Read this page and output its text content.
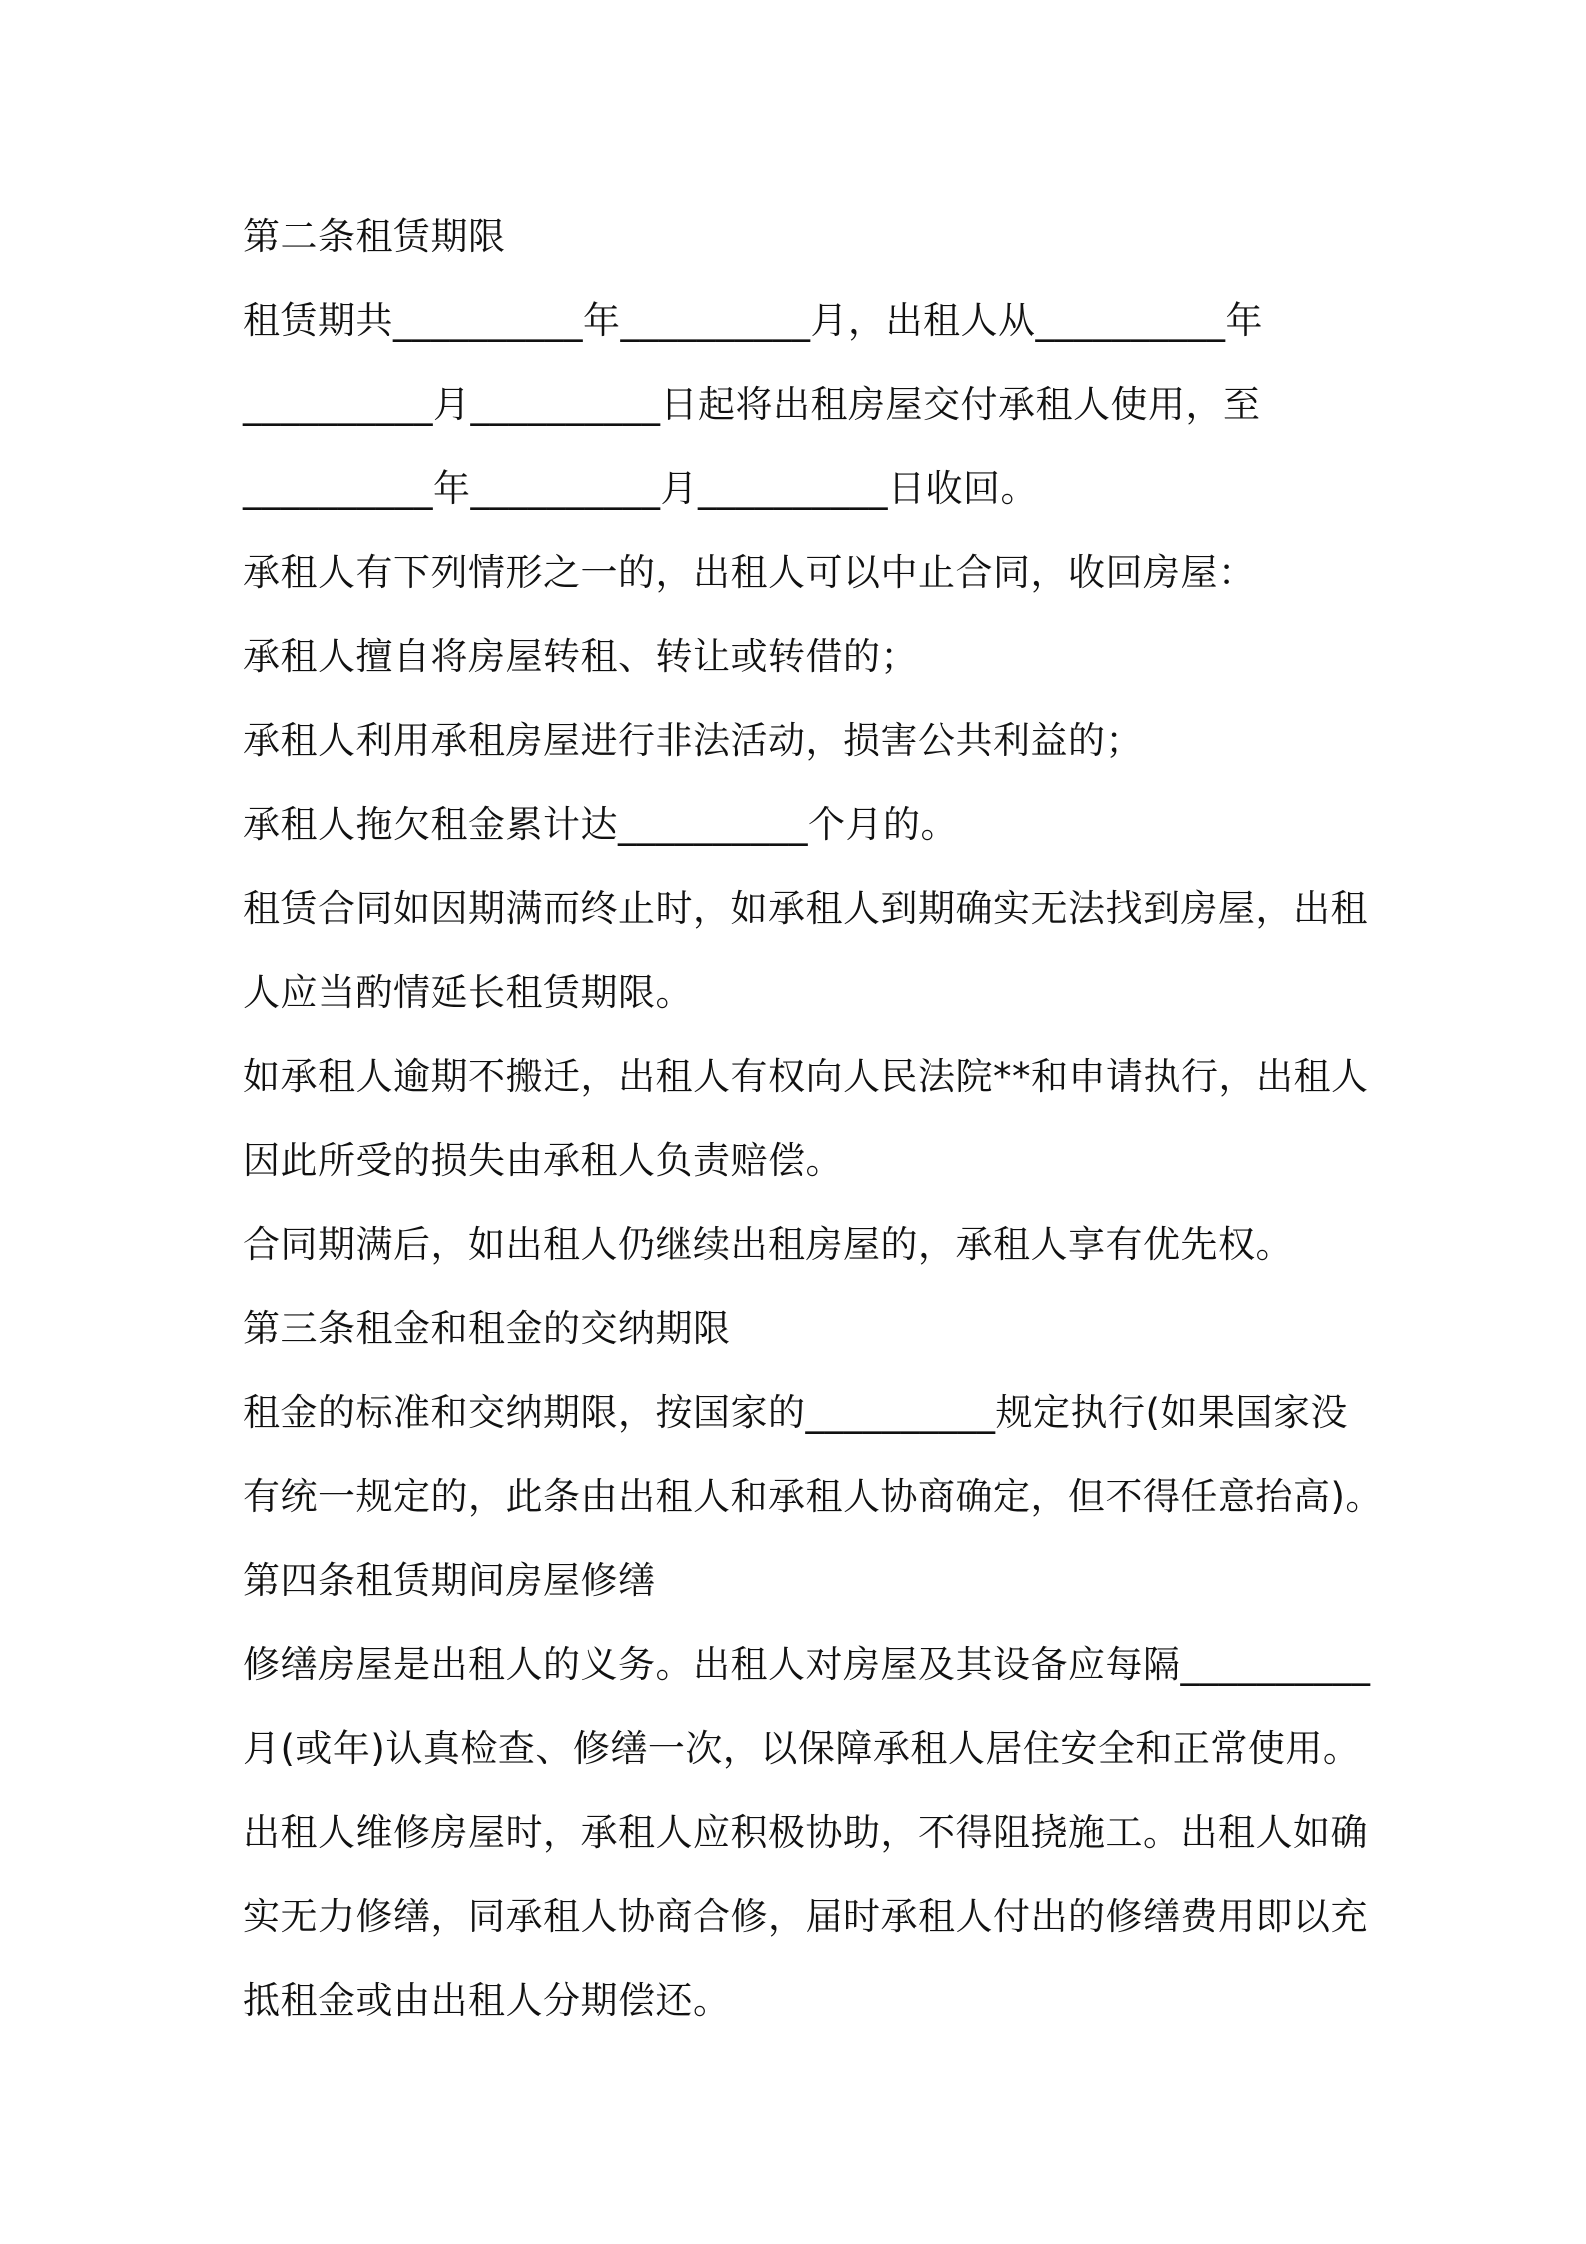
第二条租赁期限
租赁期共__________年__________月，出租人从__________年
__________月__________日起将出租房屋交付承租人使用，至
__________年__________月__________日收回。
承租人有下列情形之一的，出租人可以中止合同，收回房屋：
承租人擅自将房屋转租、转让或转借的；
承租人利用承租房屋进行非法活动，损害公共利益的；
承租人拖欠租金累计达__________个月的。
租赁合同如因期满而终止时，如承租人到期确实无法找到房屋，出租
人应当酌情延长租赁期限。
如承租人逾期不搬迁，出租人有权向人民法院**和申请执行，出租人
因此所受的损失由承租人负责赔偿。
合同期满后，如出租人仍继续出租房屋的，承租人享有优先权。
第三条租金和租金的交纳期限
租金的标准和交纳期限，按国家的__________规定执行(如果国家没
有统一规定的，此条由出租人和承租人协商确定，但不得任意抬高)。
第四条租赁期间房屋修缮
修缮房屋是出租人的义务。出租人对房屋及其设备应每隔__________
月(或年)认真检查、修缮一次，以保障承租人居住安全和正常使用。
出租人维修房屋时，承租人应积极协助，不得阻挠施工。出租人如确
实无力修缮，同承租人协商合修，届时承租人付出的修缮费用即以充
抵租金或由出租人分期偿还。
